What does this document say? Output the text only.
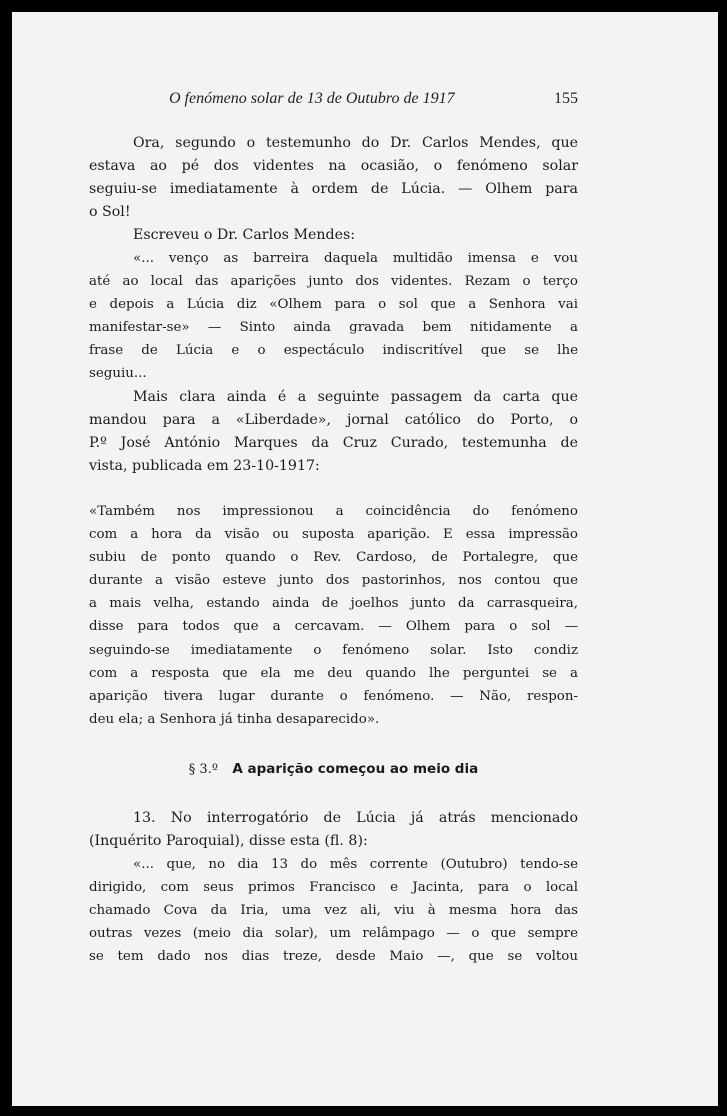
O fenómeno solar de 13 de Outubro de 1917	155
Ora, segundo o testemunho do Dr. Carlos Mendes, que
estava ao pé dos videntes na ocasião, o fenómeno solar
seguiu-se imediatamente à ordem de Lúcia. — Olhem para
o Sol!
Escreveu o Dr. Carlos Mendes:
«... venço as barreira daquela multidão imensa e vou
até ao local das aparições junto dos videntes. Rezam o terço
e depois a Lúcia diz «Olhem para o sol que a Senhora vai
manifestar-se» — Sinto ainda gravada bem nitidamente a
frase de Lúcia e o espectáculo indiscritível que se lhe
seguiu...
Mais clara ainda é a seguinte passagem da carta que
mandou para a «Liberdade», jornal católico do Porto, o
P.º José António Marques da Cruz Curado, testemunha de
vista, publicada em 23-10-1917:
«Também nos impressionou a coincidência do fenómeno
com a hora da visão ou suposta aparição. E essa impressão
subiu de ponto quando o Rev. Cardoso, de Portalegre, que
durante a visão esteve junto dos pastorinhos, nos contou que
a mais velha, estando ainda de joelhos junto da carrasqueira,
disse para todos que a cercavam. — Olhem para o sol —
seguindo-se imediatamente o fenómeno solar. Isto condiz
com a resposta que ela me deu quando lhe perguntei se a
aparição tivera lugar durante o fenómeno. — Não, respon-
deu ela; a Senhora já tinha desaparecido».
§ 3.º A aparição começou ao meio dia
13. No interrogatório de Lúcia já atrás mencionado
(Inquérito Paroquial), disse esta (fl. 8):
«... que, no dia 13 do mês corrente (Outubro) tendo-se
dirigido, com seus primos Francisco e Jacinta, para o local
chamado Cova da Iria, uma vez ali, viu à mesma hora das
outras vezes (meio dia solar), um relâmpago — o que sempre
se tem dado nos dias treze, desde Maio —, que se voltou
